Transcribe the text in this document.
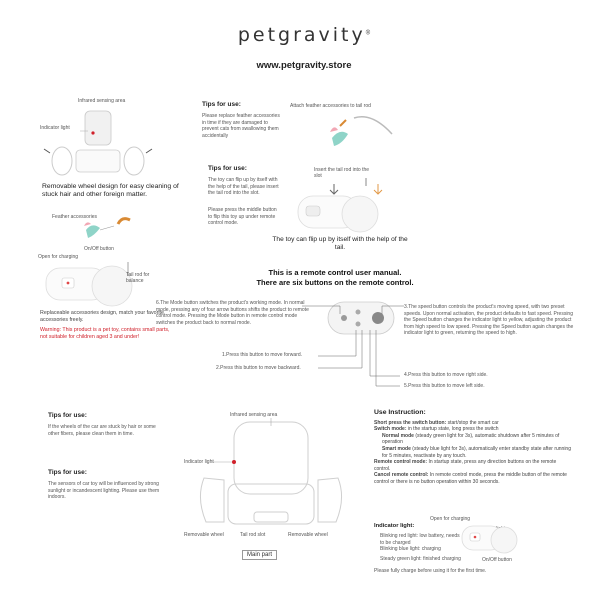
petgravity®
www.petgravity.store
Infrared sensing area
Indicator light
Removable wheel design for easy cleaning of stuck hair and other foreign matter.
Feather accessories
On/Off button
Open for charging
Tail rod for balance
Replaceable accessories design, match your favorite accessories freely.
Warning: This product is a pet toy, contains small parts, not suitable for children aged 3 and under!
Tips for use:
Please replace feather accessories in time if they are damaged to prevent cats from swallowing them accidentally
Attach feather accessories to tail rod
Tips for use:
The toy can flip up by itself with the help of the tail, please insert the tail rod into the slot.
Please press the middle button to flip this toy up under remote control mode.
Insert the tail rod into the slot
The toy can flip up by itself with the help of the tail.
This is a remote control user manual.
There are six buttons on the remote control.
6.The Mode button switches the product's working mode. In normal mode, pressing any of four arrow buttons shifts the product to remote control mode. Pressing the Mode button in remote control mode switches the product back to normal mode.
3.The speed button controls the product's moving speed, with two preset speeds. Upon normal activation, the product defaults to fast speed. Pressing the Speed button changes the indicator light to yellow, adjusting the product from high speed to low speed. Pressing the Speed button again changes the indicator light to green, returning the speed to high.
1.Press this button to move forward.
2.Press this button to move backward.
4.Press this button to move right side.
5.Press this button to move left side.
Tips for use:
If the wheels of the car are stuck by hair or some other fibers, please clean them in time.
Tips for use:
The sensors of car toy will be influenced by strong sunlight or incandescent lighting. Please use them indoors.
Infrared sensing area
Indicator light
Removable wheel	Tail rod slot	Removable wheel
Main part
Use Instruction:
Short press the switch button: start/stop the smart car
Switch mode: in the startup state, long press the switch
Normal mode (steady green light for 3s), automatic shutdown after 5 minutes of operation
Smart mode (steady blue light for 3s), automatically enter standby state after running for 5 minutes, reactivate by any touch.
Remote control mode: In startup state, press any direction buttons on the remote control.
Cancel remote control: In remote control mode, press the middle button of the remote control or there is no button operation within 30 seconds.
Open for charging
Indicator light:
Blinking red light: low battery, needs to be charged
Blinking blue light: charging
Steady green light: finished charging	On/Off button
Please fully charge before using it for the first time.
